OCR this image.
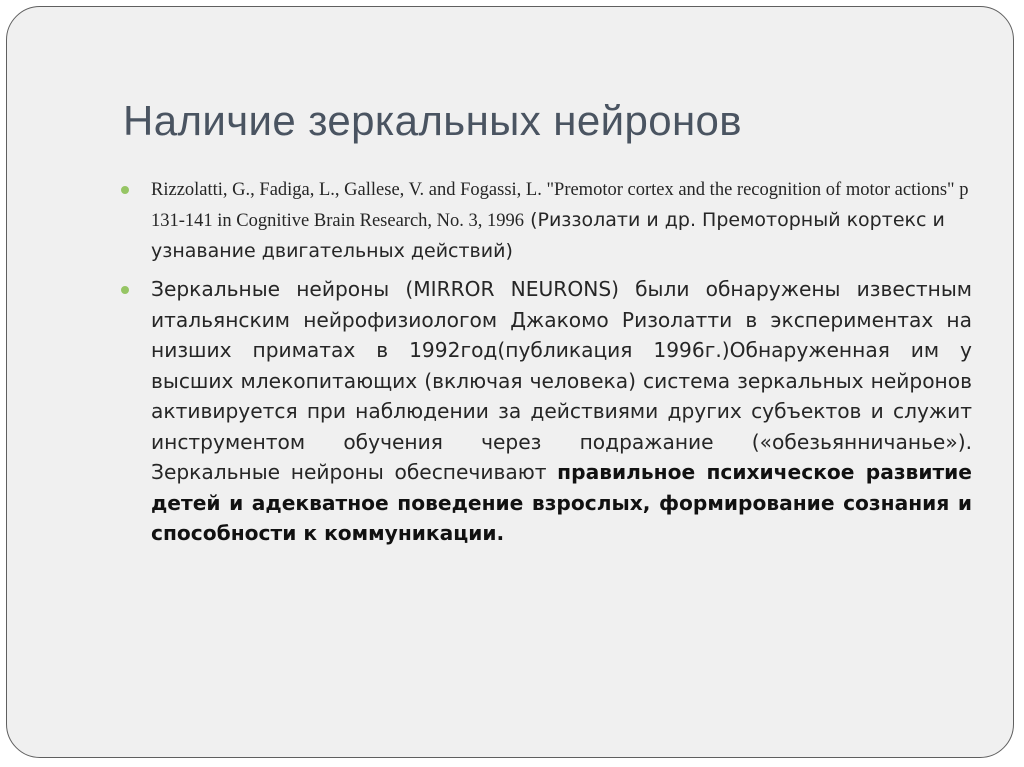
Наличие зеркальных нейронов
Rizzolatti, G., Fadiga, L., Gallese, V. and Fogassi, L. "Premotor cortex and the recognition of motor actions" p 131-141 in Cognitive Brain Research, No. 3, 1996 (Риззолати и др. Премоторный кортекс и узнавание двигательных действий)
Зеркальные нейроны (MIRROR NEURONS) были обнаружены известным итальянским нейрофизиологом Джакомо Ризолатти в экспериментах на низших приматах в 1992год(публикация 1996г.)Обнаруженная им у высших млекопитающих (включая человека) система зеркальных нейронов активируется при наблюдении за действиями других субъектов и служит инструментом обучения через подражание («обезьянничанье»). Зеркальные нейроны обеспечивают правильное психическое развитие детей и адекватное поведение взрослых, формирование сознания и способности к коммуникации.
